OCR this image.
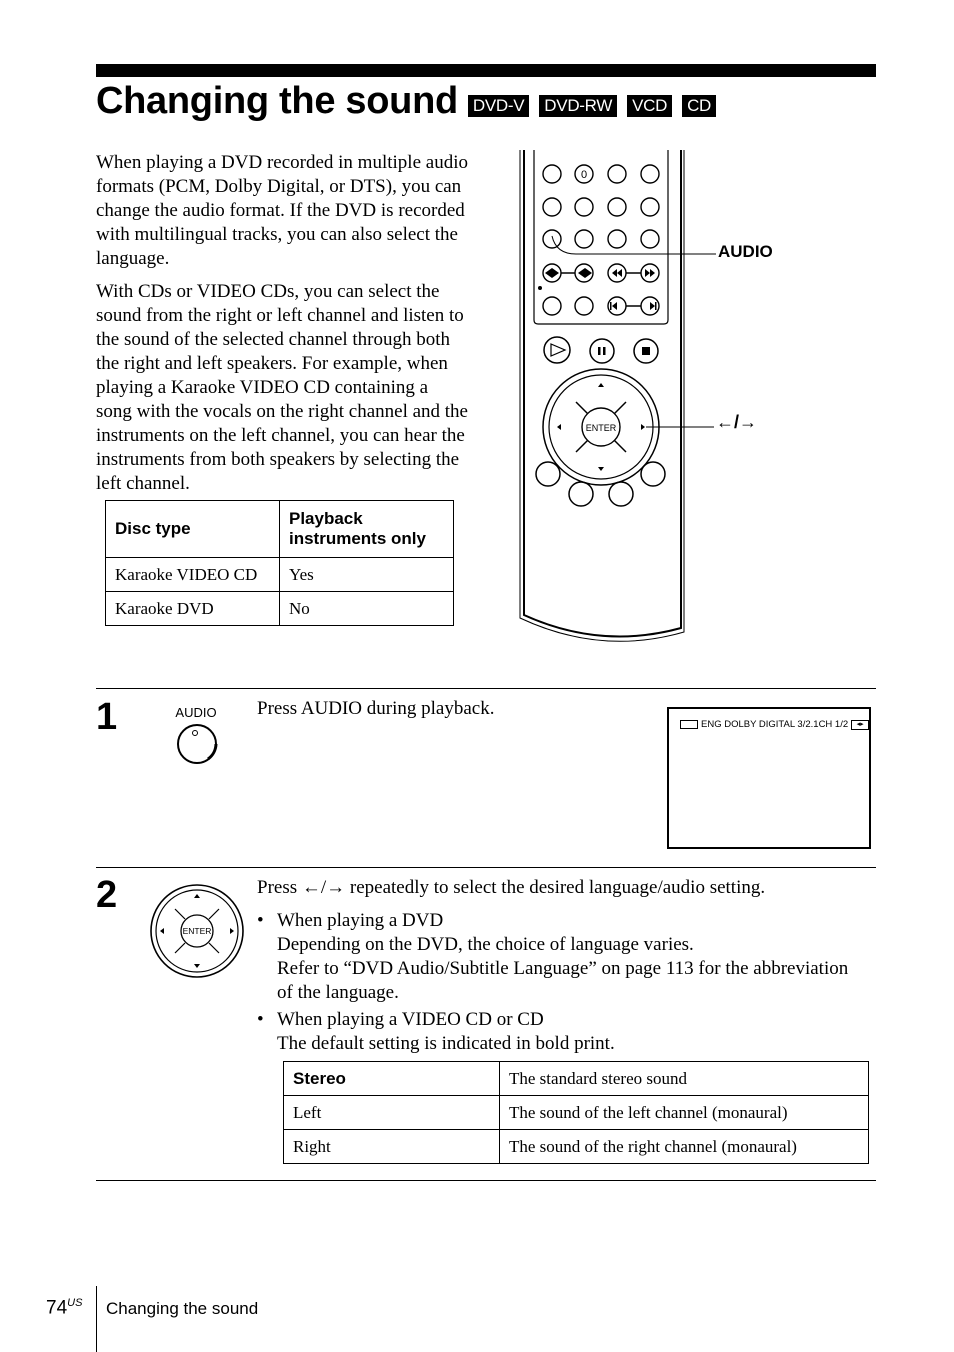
Changing the sound DVD-V DVD-RW VCD CD

When playing a DVD recorded in multiple audio formats (PCM, Dolby Digital, or DTS), you can change the audio format. If the DVD is recorded with multilingual tracks, you can also select the language.

With CDs or VIDEO CDs, you can select the sound from the right or left channel and listen to the sound of the selected channel through both the right and left speakers. For example, when playing a Karaoke VIDEO CD containing a song with the vocals on the right channel and the instruments on the left channel, you can hear the instruments from both speakers by selecting the left channel.

Disc type	Playback instruments only
Karaoke VIDEO CD	Yes
Karaoke DVD	No
0
ENTER
AUDIO
←/→
1	AUDIO Press AUDIO during playback.

ENG DOLBY DIGITAL 3/2.1CH 1/2	◂▸
2
ENTER

Press ←/→ repeatedly to select the desired language/audio setting.

• When playing a DVD
Depending on the DVD, the choice of language varies.
Refer to “DVD Audio/Subtitle Language” on page 113 for the abbreviation of the language.
• When playing a VIDEO CD or CD
The default setting is indicated in bold print.
Stereo	The standard stereo sound
Left	The sound of the left channel (monaural)
Right	The sound of the right channel (monaural)
$74^{US}$ Changing the sound
